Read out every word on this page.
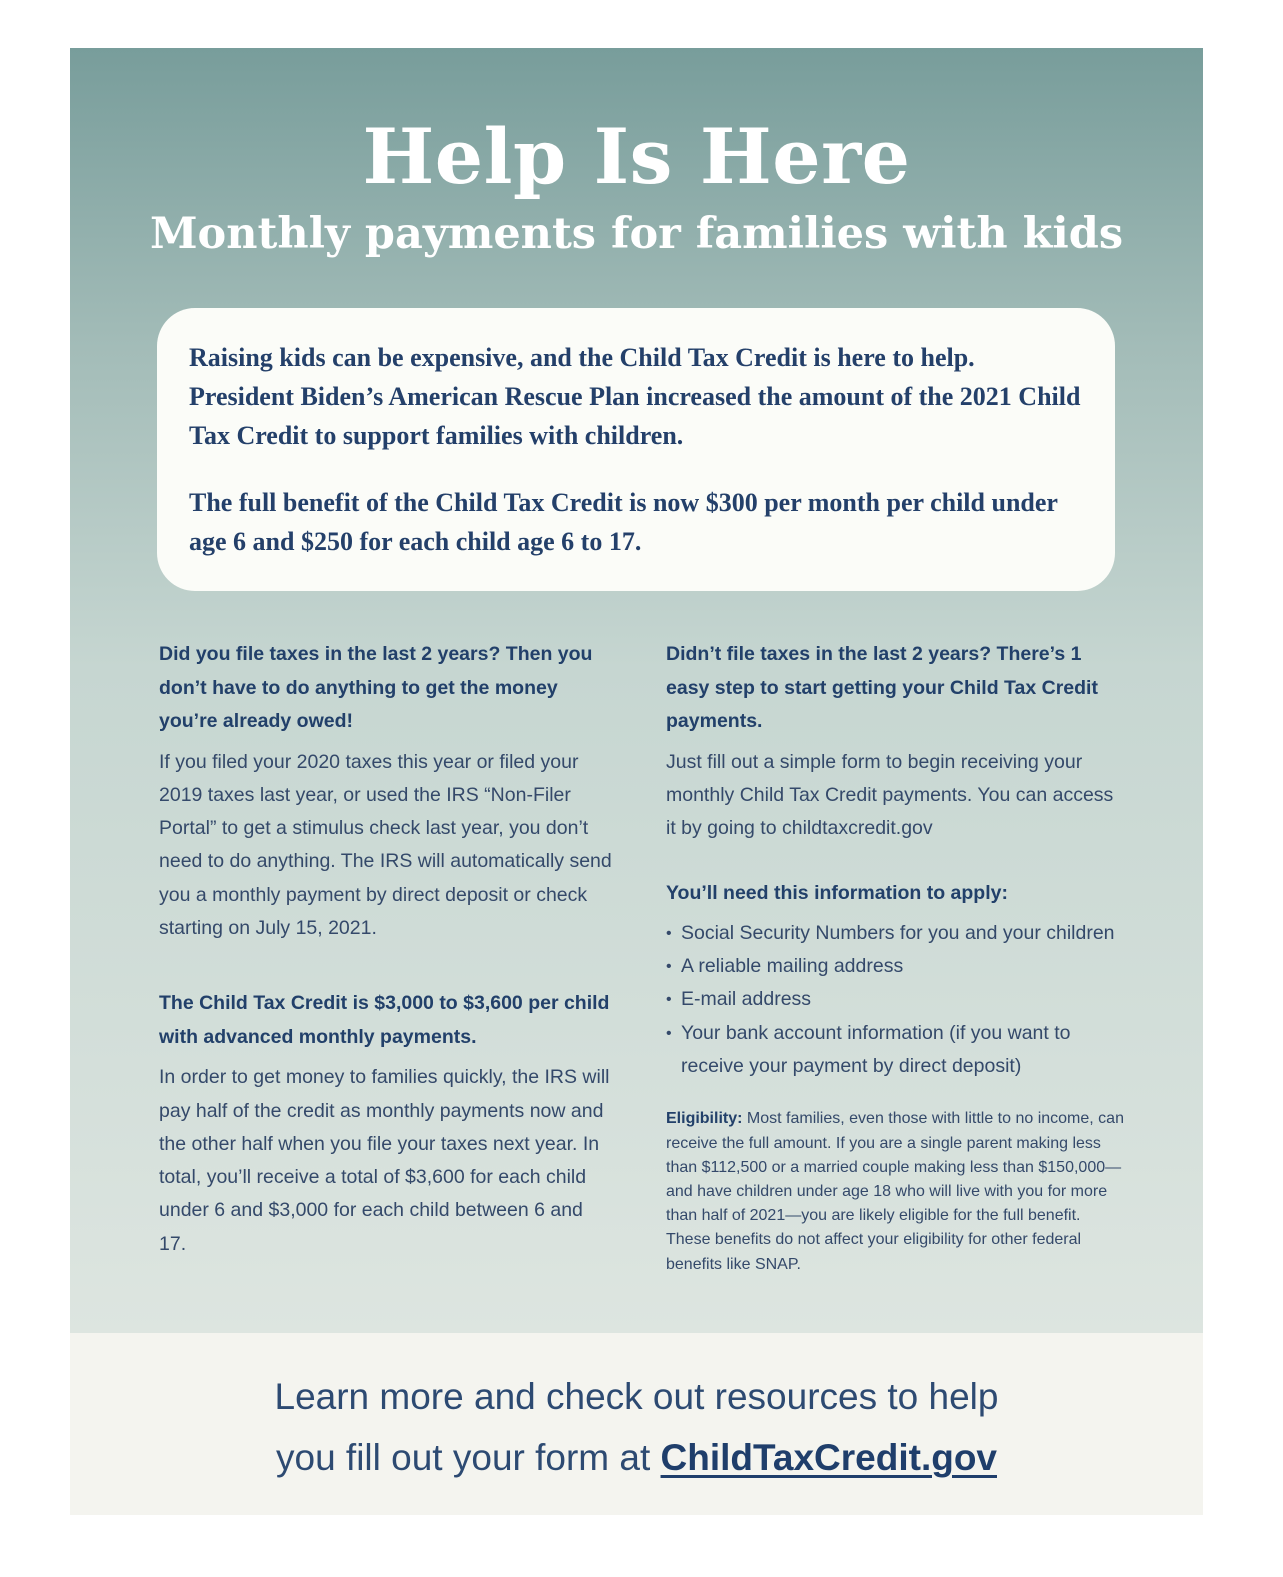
Help Is Here
Monthly payments for families with kids

Raising kids can be expensive, and the Child Tax Credit is here to help. President Biden’s American Rescue Plan increased the amount of the 2021 Child Tax Credit to support families with children.

The full benefit of the Child Tax Credit is now $300 per month per child under age 6 and $250 for each child age 6 to 17.

Did you file taxes in the last 2 years? Then you don’t have to do anything to get the money you’re already owed!

If you filed your 2020 taxes this year or filed your 2019 taxes last year, or used the IRS “Non-Filer Portal” to get a stimulus check last year, you don’t need to do anything. The IRS will automatically send you a monthly payment by direct deposit or check starting on July 15, 2021.

The Child Tax Credit is $3,000 to $3,600 per child with advanced monthly payments.

In order to get money to families quickly, the IRS will pay half of the credit as monthly payments now and the other half when you file your taxes next year. In total, you’ll receive a total of $3,600 for each child under 6 and $3,000 for each child between 6 and 17.

Didn’t file taxes in the last 2 years? There’s 1 easy step to start getting your Child Tax Credit payments.

Just fill out a simple form to begin receiving your monthly Child Tax Credit payments. You can access it by going to childtaxcredit.gov

You’ll need this information to apply:
• Social Security Numbers for you and your children
• A reliable mailing address
• E-mail address
• Your bank account information (if you want to receive your payment by direct deposit)

Eligibility: Most families, even those with little to no income, can receive the full amount. If you are a single parent making less than $112,500 or a married couple making less than $150,000—and have children under age 18 who will live with you for more than half of 2021—you are likely eligible for the full benefit. These benefits do not affect your eligibility for other federal benefits like SNAP.

Learn more and check out resources to help
you fill out your form at ChildTaxCredit.gov
